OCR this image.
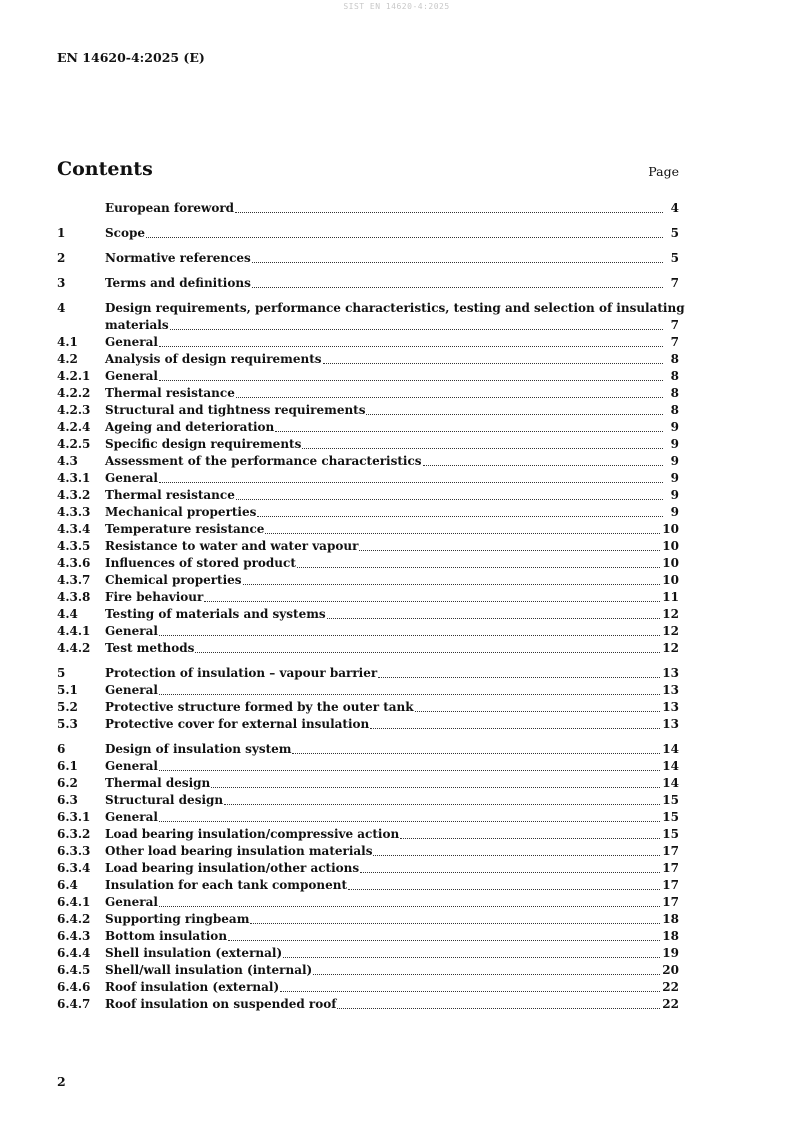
SIST EN 14620-4:2025
EN 14620-4:2025 (E)
Contents	Page
European foreword	4
1	Scope	5
2	Normative references	5
3	Terms and definitions	7
4	Design requirements, performance characteristics, testing and selection of insulating
materials	7
4.1	General	7
4.2	Analysis of design requirements	8
4.2.1	General	8
4.2.2	Thermal resistance	8
4.2.3	Structural and tightness requirements	8
4.2.4	Ageing and deterioration	9
4.2.5	Specific design requirements	9
4.3	Assessment of the performance characteristics	9
4.3.1	General	9
4.3.2	Thermal resistance	9
4.3.3	Mechanical properties	9
4.3.4	Temperature resistance	10
4.3.5	Resistance to water and water vapour	10
4.3.6	Influences of stored product	10
4.3.7	Chemical properties	10
4.3.8	Fire behaviour	11
4.4	Testing of materials and systems	12
4.4.1	General	12
4.4.2	Test methods	12
5	Protection of insulation – vapour barrier	13
5.1	General	13
5.2	Protective structure formed by the outer tank	13
5.3	Protective cover for external insulation	13
6	Design of insulation system	14
6.1	General	14
6.2	Thermal design	14
6.3	Structural design	15
6.3.1	General	15
6.3.2	Load bearing insulation/compressive action	15
6.3.3	Other load bearing insulation materials	17
6.3.4	Load bearing insulation/other actions	17
6.4	Insulation for each tank component	17
6.4.1	General	17
6.4.2	Supporting ringbeam	18
6.4.3	Bottom insulation	18
6.4.4	Shell insulation (external)	19
6.4.5	Shell/wall insulation (internal)	20
6.4.6	Roof insulation (external)	22
6.4.7	Roof insulation on suspended roof	22
2
